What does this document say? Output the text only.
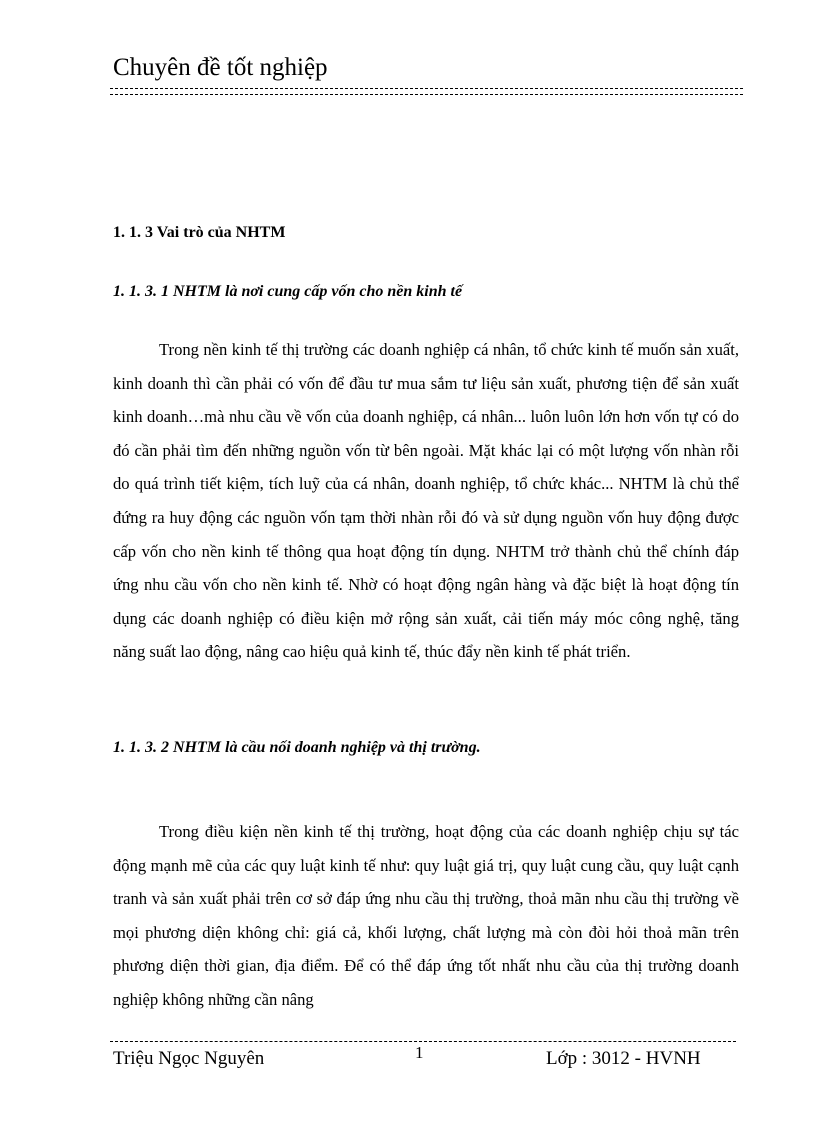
Chuyên đề tốt nghiệp
1. 1. 3 Vai trò của NHTM
1. 1. 3. 1 NHTM là nơi cung cấp vốn cho nền kinh tế

Trong nền kinh tế thị trường các doanh nghiệp cá nhân, tổ chức kinh tế muốn sản xuất, kinh doanh thì cần phải có vốn để đầu tư mua sắm tư liệu sản xuất, phương tiện để sản xuất kinh doanh…mà nhu cầu về vốn của doanh nghiệp, cá nhân... luôn luôn lớn hơn vốn tự có do đó cần phải tìm đến những nguồn vốn từ bên ngoài. Mặt khác lại có một lượng vốn nhàn rỗi do quá trình tiết kiệm, tích luỹ của cá nhân, doanh nghiệp, tổ chức khác... NHTM là chủ thể đứng ra huy động các nguồn vốn tạm thời nhàn rỗi đó và sử dụng nguồn vốn huy động được cấp vốn cho nền kinh tế thông qua hoạt động tín dụng. NHTM trở thành chủ thể chính đáp ứng nhu cầu vốn cho nền kinh tế. Nhờ có hoạt động ngân hàng và đặc biệt là hoạt động tín dụng các doanh nghiệp có điều kiện mở rộng sản xuất, cải tiến máy móc công nghệ, tăng năng suất lao động, nâng cao hiệu quả kinh tế, thúc đẩy nền kinh tế phát triển.

1. 1. 3. 2 NHTM là cầu nối doanh nghiệp và thị trường.

Trong điều kiện nền kinh tế thị trường, hoạt động của các doanh nghiệp chịu sự tác động mạnh mẽ của các quy luật kinh tế như: quy luật giá trị, quy luật cung cầu, quy luật cạnh tranh và sản xuất phải trên cơ sở đáp ứng nhu cầu thị trường, thoả mãn nhu cầu thị trường về mọi phương diện không chỉ: giá cả, khối lượng, chất lượng mà còn đòi hỏi thoả mãn trên phương diện thời gian, địa điểm. Để có thể đáp ứng tốt nhất nhu cầu của thị trường doanh nghiệp không những cần nâng

Triệu Ngọc Nguyên	1	Lớp : 3012 - HVNH
